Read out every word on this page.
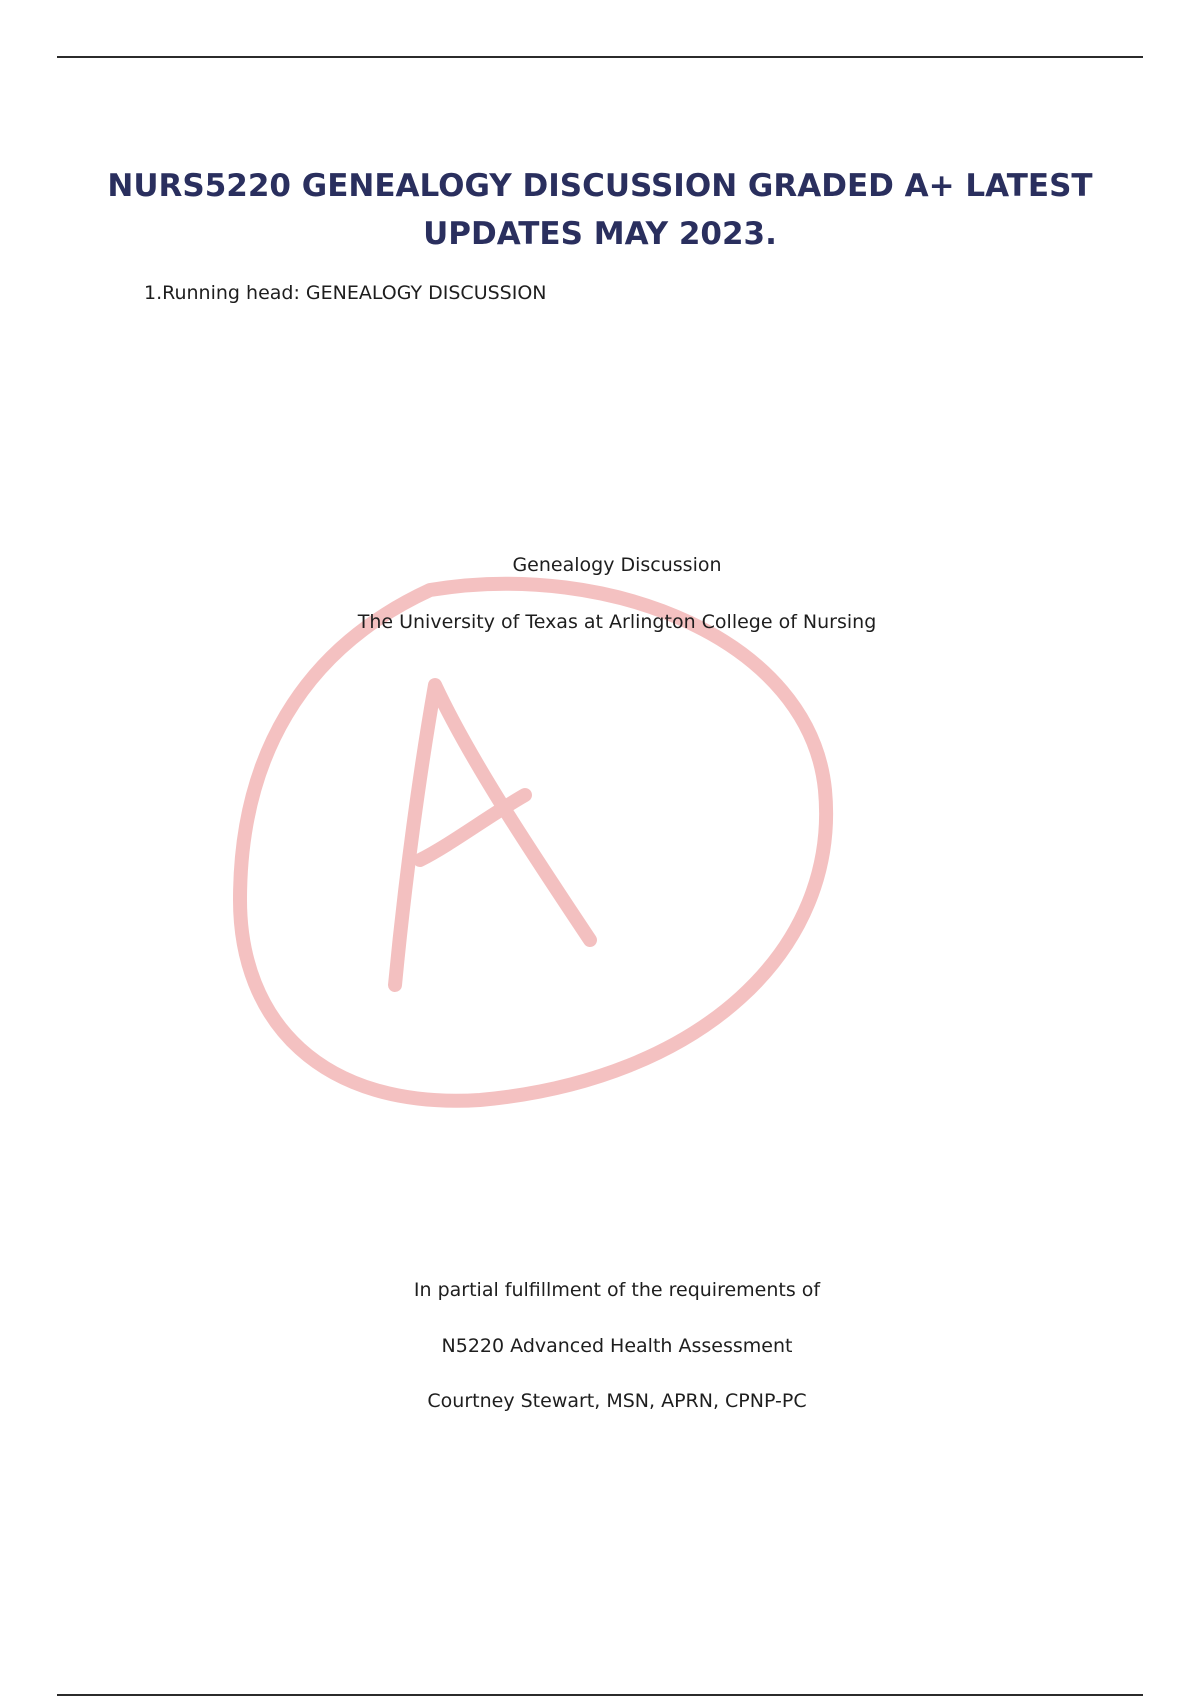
NURS5220 GENEALOGY DISCUSSION GRADED A+ LATEST
UPDATES MAY 2023.

1.Running head: GENEALOGY DISCUSSION

Genealogy Discussion

The University of Texas at Arlington College of Nursing

In partial fulfillment of the requirements of

N5220 Advanced Health Assessment

Courtney Stewart, MSN, APRN, CPNP-PC
